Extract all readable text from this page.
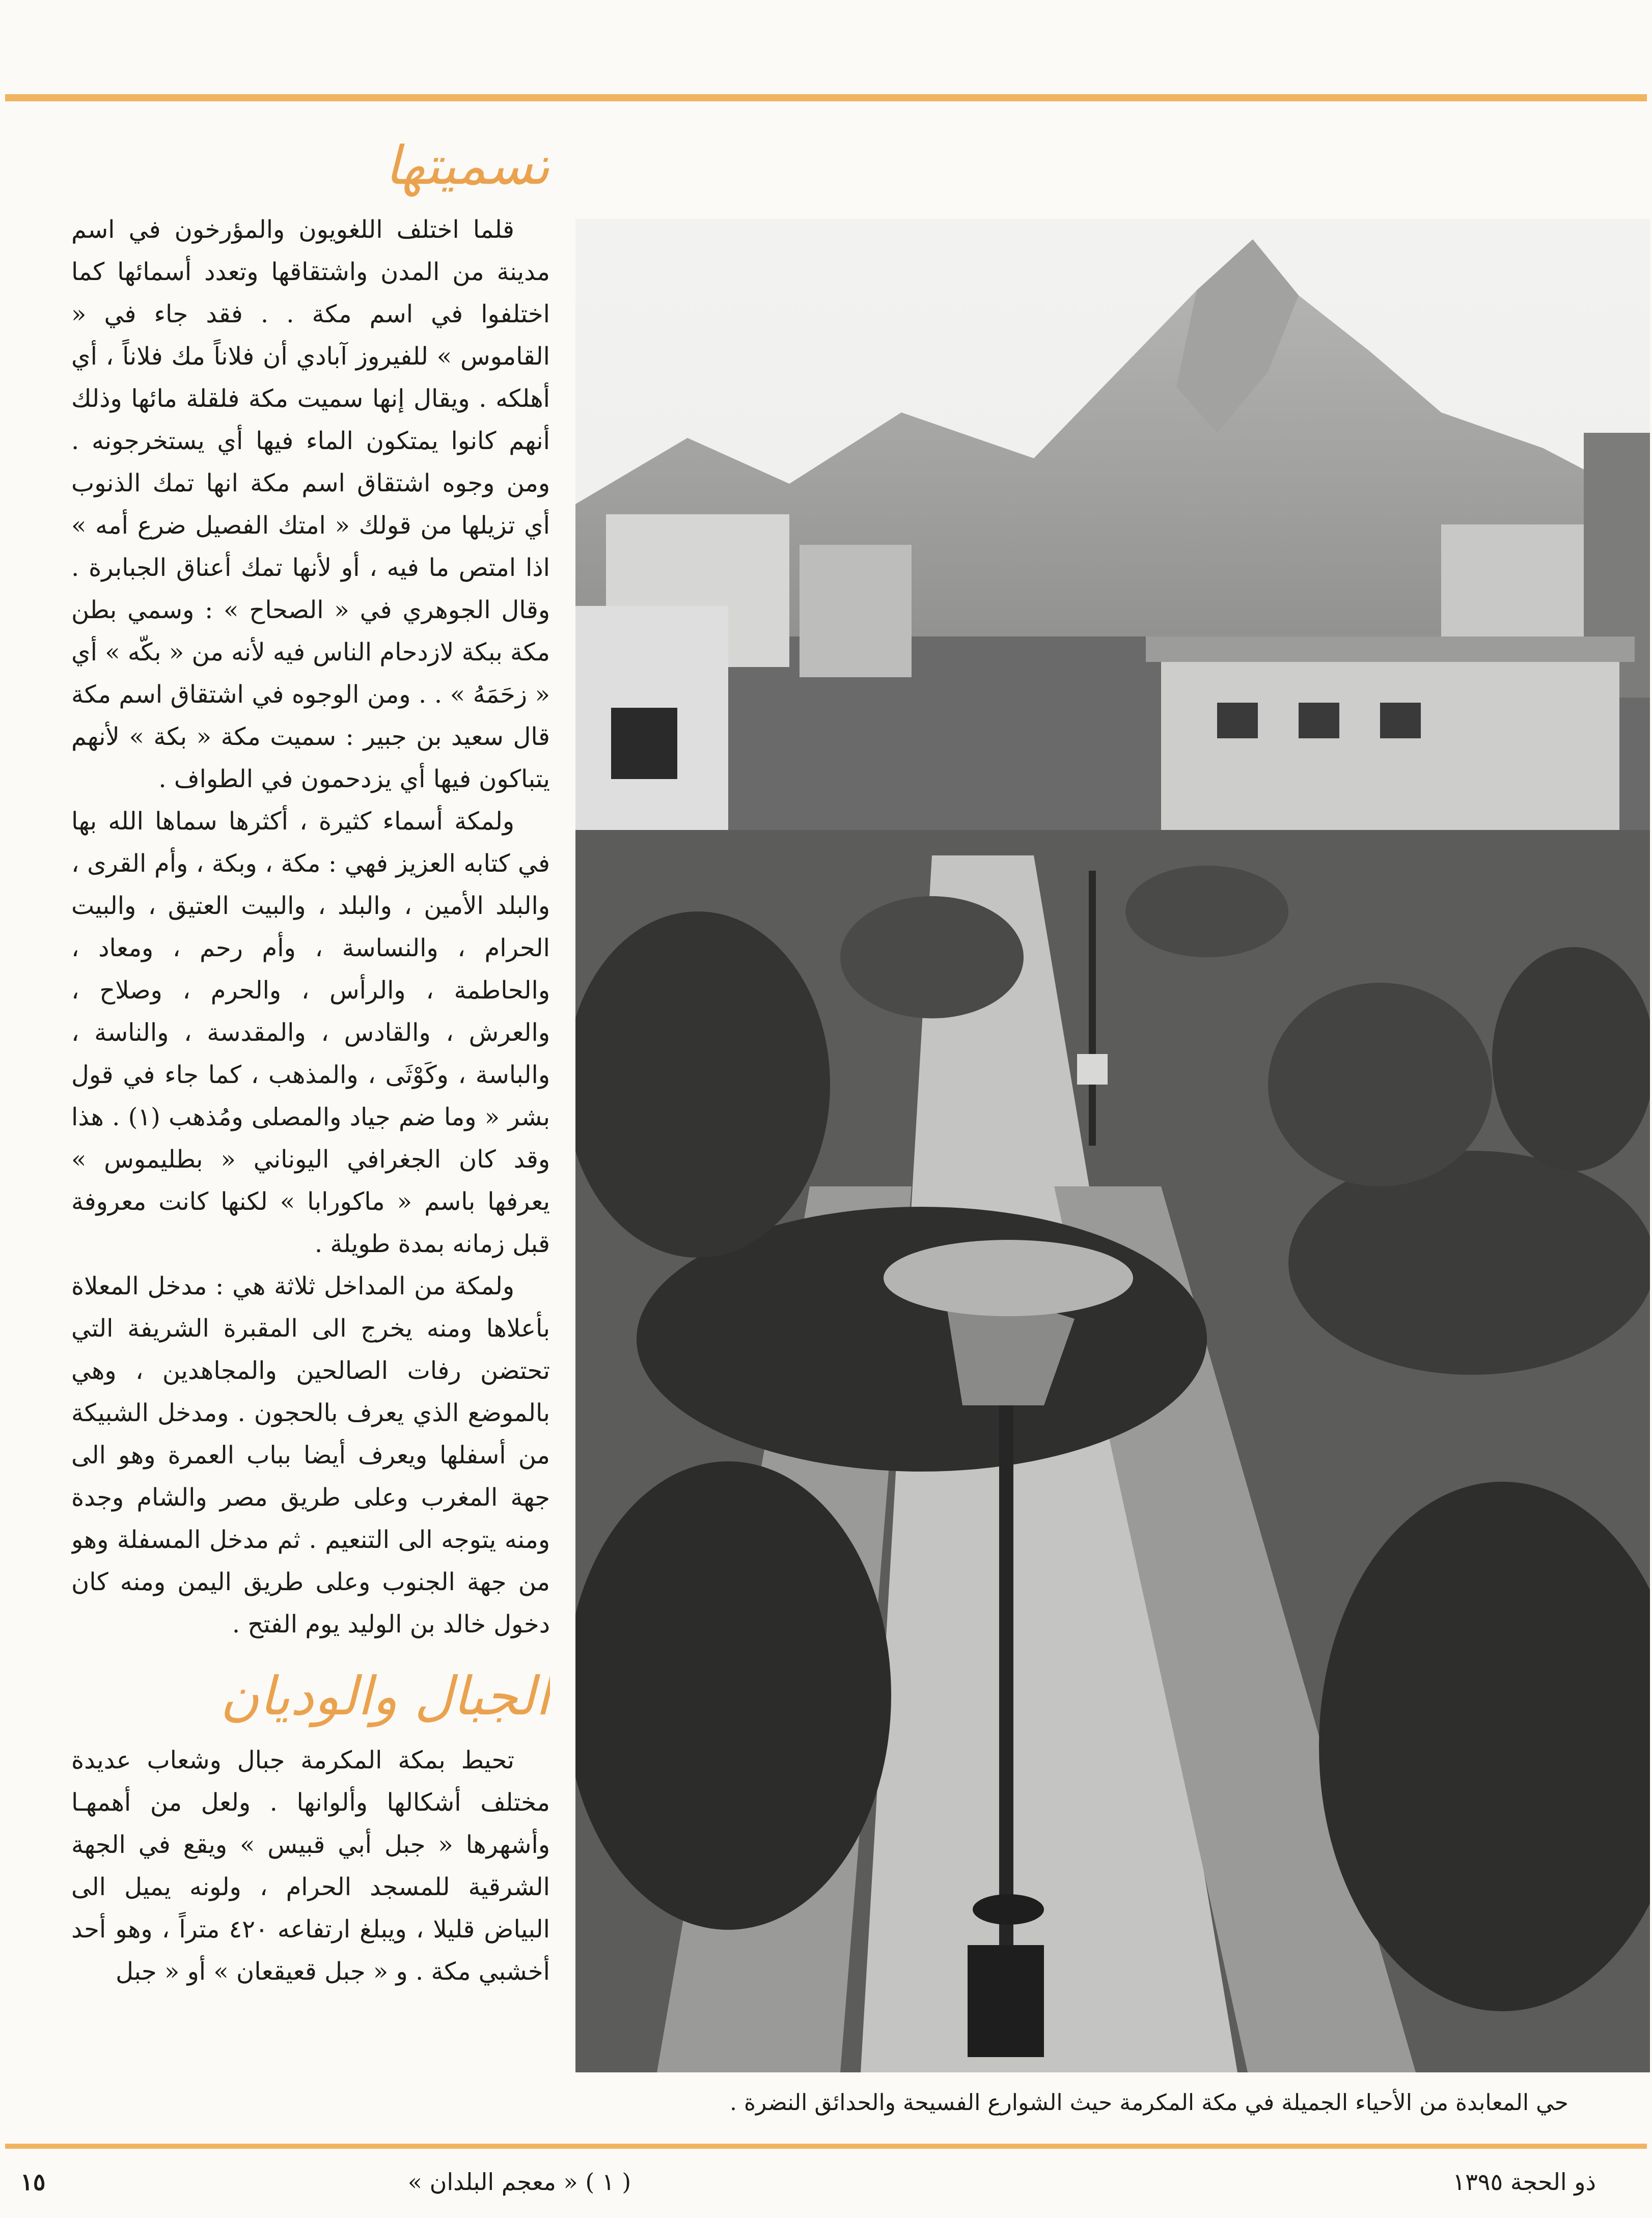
تسميتها

قلما اختلف اللغويون والمؤرخون في اسم مدينة من المدن واشتقاقها وتعدد أسمائها كما اختلفوا في اسم مكة . . فقد جاء في « القاموس » للفيروز آبادي أن فلاناً مك فلاناً ، أي أهلكه . ويقال إنها سميت مكة فلقلة مائها وذلك أنهم كانوا يمتكون الماء فيها أي يستخرجونه . ومن وجوه اشتقاق اسم مكة انها تمك الذنوب أي تزيلها من قولك « امتك الفصيل ضرع أمه » اذا امتص ما فيه ، أو لأنها تمك أعناق الجبابرة . وقال الجوهري في « الصحاح » : وسمي بطن مكة ببكة لازدحام الناس فيه لأنه من « بكّه » أي « زحَمَهُ » . . ومن الوجوه في اشتقاق اسم مكة قال سعيد بن جبير : سميت مكة « بكة » لأنهم يتباكون فيها أي يزدحمون في الطواف .

ولمكة أسماء كثيرة ، أكثرها سماها الله بها في كتابه العزيز فهي : مكة ، وبكة ، وأم القرى ، والبلد الأمين ، والبلد ، والبيت العتيق ، والبيت الحرام ، والنساسة ، وأم رحم ، ومعاد ، والحاطمة ، والرأس ، والحرم ، وصلاح ، والعرش ، والقادس ، والمقدسة ، والناسة ، والباسة ، وكَوْثَى ، والمذهب ، كما جاء في قول بشر « وما ضم جياد والمصلى ومُذهب (١) . هذا وقد كان الجغرافي اليوناني « بطليموس » يعرفها باسم « ماكورابا » لكنها كانت معروفة قبل زمانه بمدة طويلة .

ولمكة من المداخل ثلاثة هي : مدخل المعلاة بأعلاها ومنه يخرج الى المقبرة الشريفة التي تحتضن رفات الصالحين والمجاهدين ، وهي بالموضع الذي يعرف بالحجون . ومدخل الشبيكة من أسفلها ويعرف أيضا بباب العمرة وهو الى جهة المغرب وعلى طريق مصر والشام وجدة ومنه يتوجه الى التنعيم . ثم مدخل المسفلة وهو من جهة الجنوب وعلى طريق اليمن ومنه كان دخول خالد بن الوليد يوم الفتح .

الجبال والوديان

تحيط بمكة المكرمة جبال وشعاب عديدة مختلف أشكالها وألوانها . ولعل من أهمهـا وأشهرها « جبل أبي قبيس » ويقع في الجهة الشرقية للمسجد الحرام ، ولونه يميل الى البياض قليلا ، ويبلغ ارتفاعه ٤٢٠ متراً ، وهو أحد أخشبي مكة . و « جبل قعيقعان » أو « جبل

حي المعابدة من الأحياء الجميلة في مكة المكرمة حيث الشوارع الفسيحة والحدائق النضرة .
ذو الحجة ١٣٩٥
( ١ ) « معجم البلدان »
١٥
